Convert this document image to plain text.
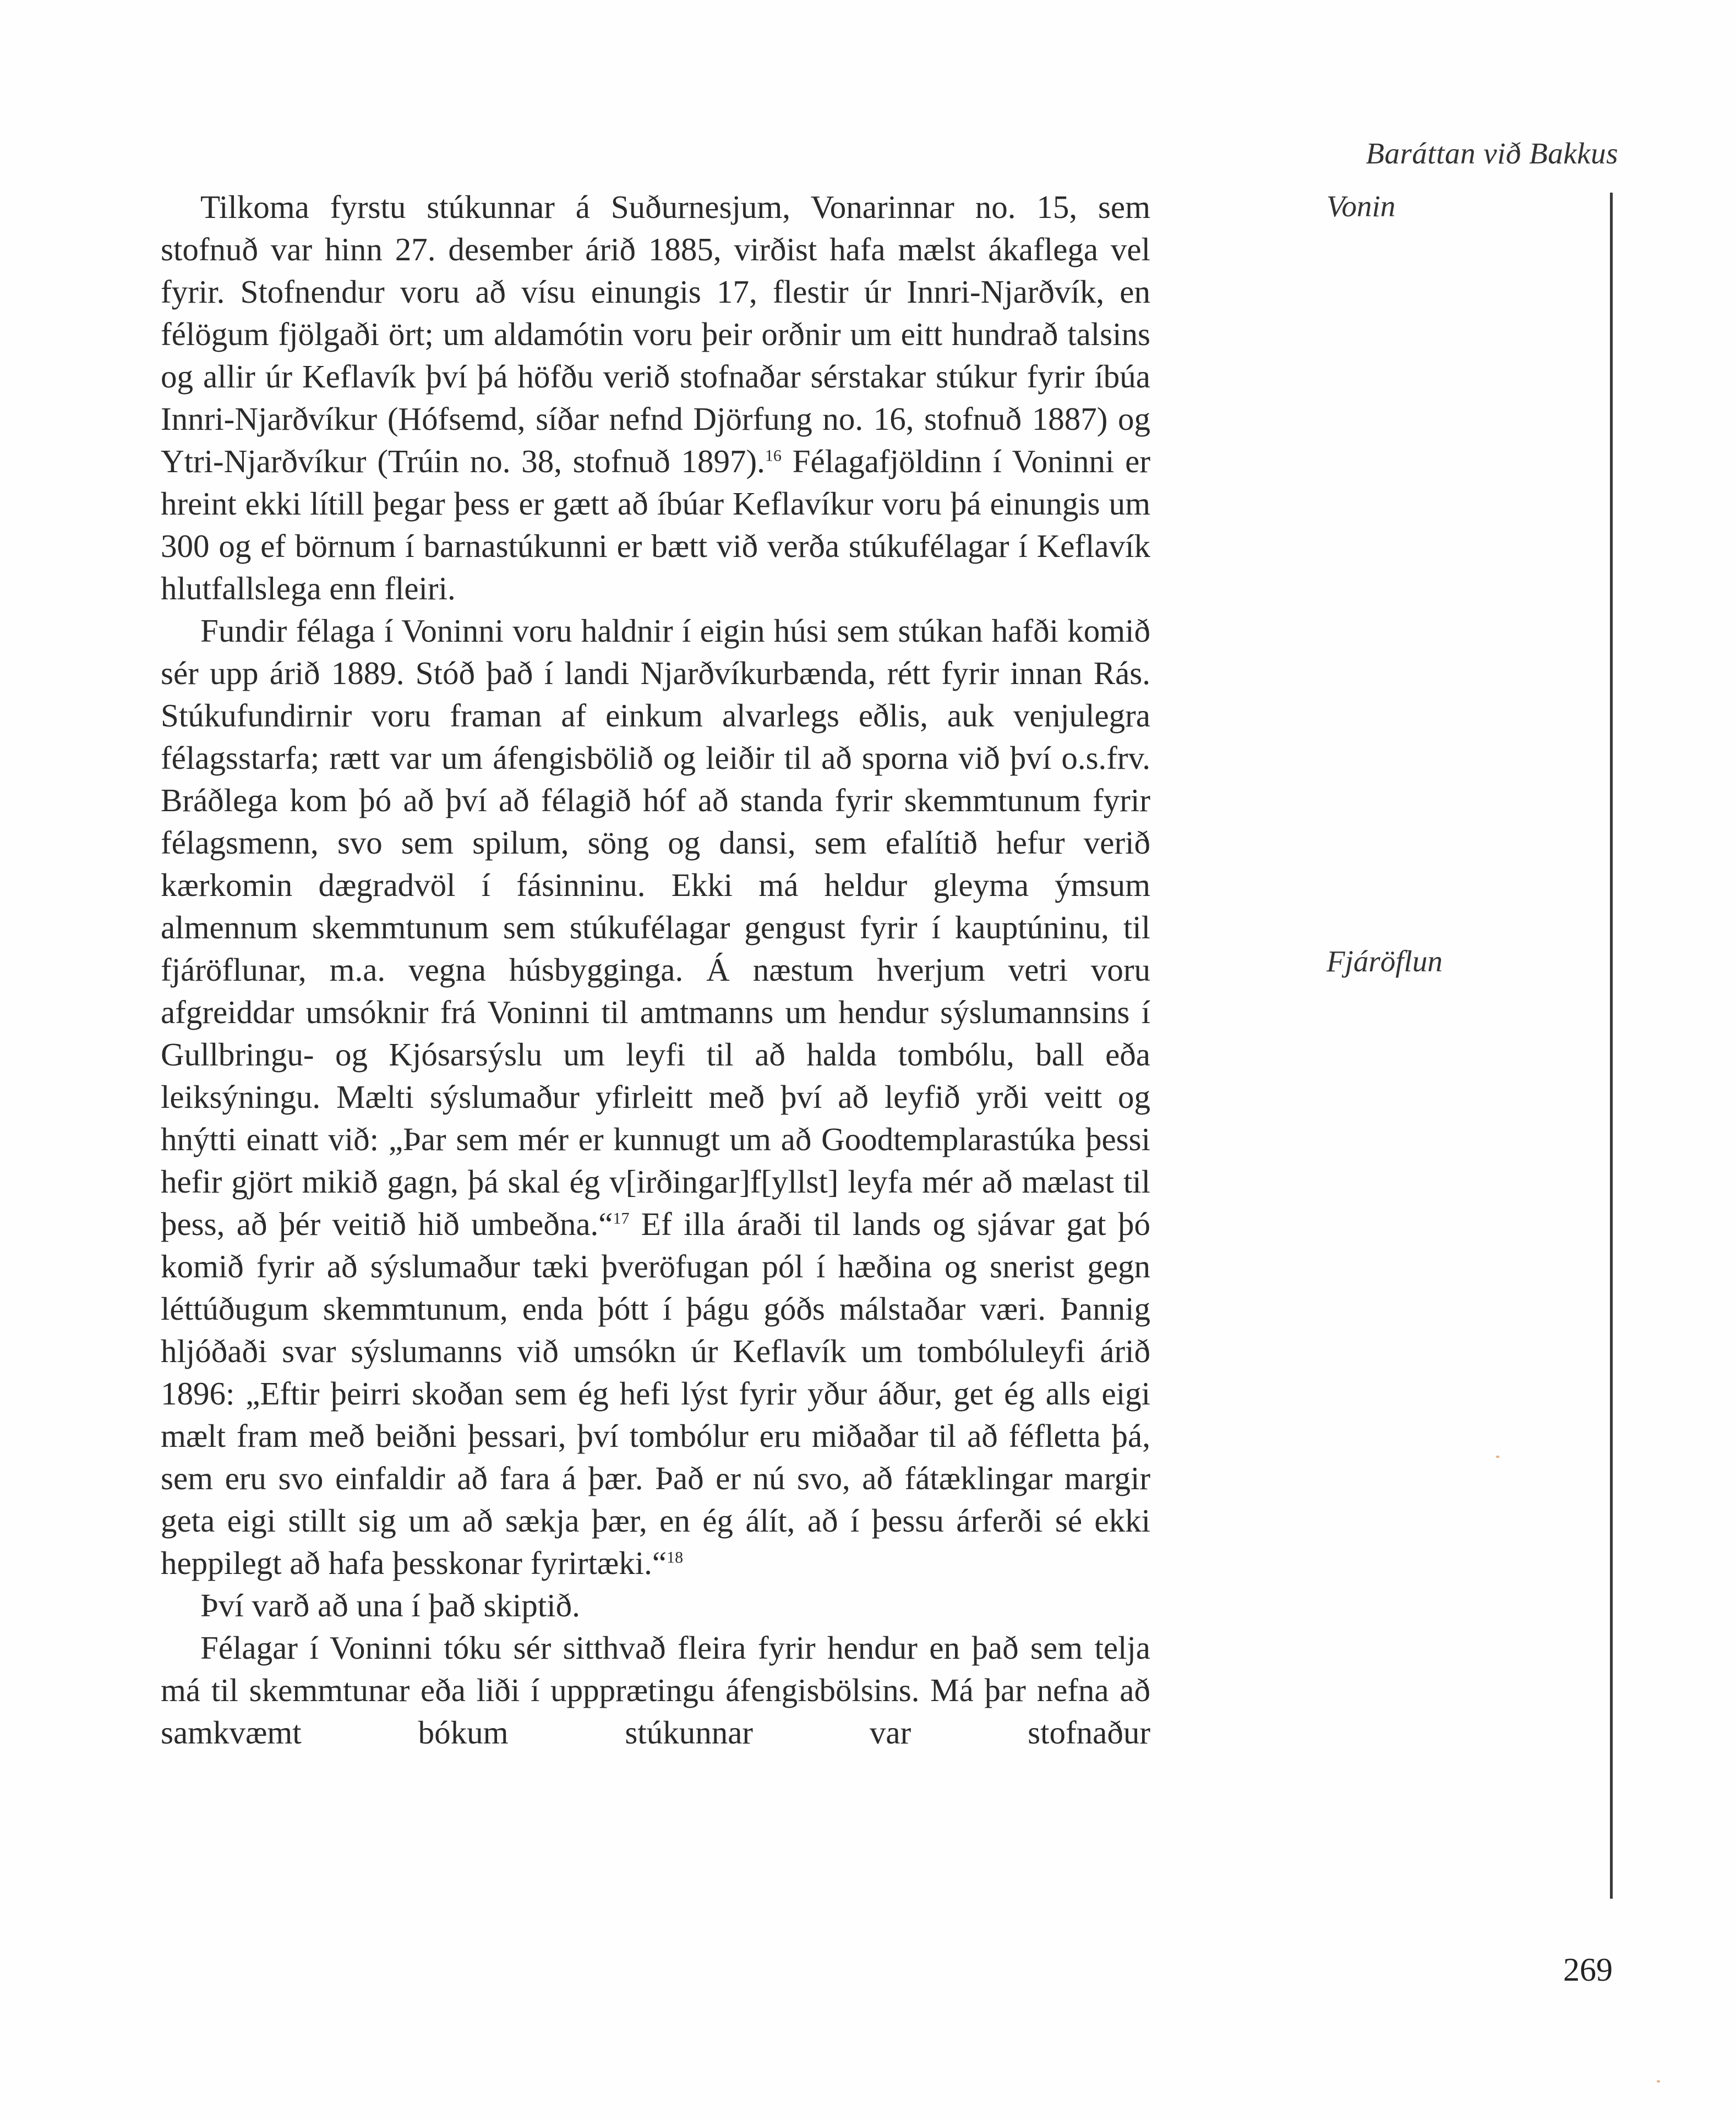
Baráttan við Bakkus
Vonin
Fjáröflun

Tilkoma fyrstu stúkunnar á Suðurnesjum, Vonarinnar no. 15, sem stofnuð var hinn 27. desember árið 1885, virðist hafa mælst ákaflega vel fyrir. Stofnendur voru að vísu einungis 17, flestir úr Innri-Njarðvík, en félögum fjölgaði ört; um aldamótin voru þeir orðnir um eitt hundrað talsins og allir úr Keflavík því þá höfðu verið stofnaðar sérstakar stúkur fyrir íbúa Innri-Njarðvíkur (Hófsemd, síðar nefnd Djörfung no. 16, stofnuð 1887) og Ytri-Njarðvíkur (Trúin no. 38, stofnuð 1897).$^{16}$ Félagafjöldinn í Voninni er hreint ekki lítill þegar þess er gætt að íbúar Keflavíkur voru þá einungis um 300 og ef börnum í barnastúkunni er bætt við verða stúkufélagar í Keflavík hlutfallslega enn fleiri.

Fundir félaga í Voninni voru haldnir í eigin húsi sem stúkan hafði komið sér upp árið 1889. Stóð það í landi Njarðvíkurbænda, rétt fyrir innan Rás. Stúkufundirnir voru framan af einkum alvarlegs eðlis, auk venjulegra félagsstarfa; rætt var um áfengisbölið og leiðir til að sporna við því o.s.frv. Bráðlega kom þó að því að félagið hóf að standa fyrir skemmtunum fyrir félagsmenn, svo sem spilum, söng og dansi, sem efalítið hefur verið kærkomin dægradvöl í fásinninu. Ekki má heldur gleyma ýmsum almennum skemmtunum sem stúkufélagar gengust fyrir í kauptúninu, til fjáröflunar, m.a. vegna húsbygginga. Á næstum hverjum vetri voru afgreiddar umsóknir frá Voninni til amtmanns um hendur sýslumannsins í Gullbringu- og Kjósarsýslu um leyfi til að halda tombólu, ball eða leiksýningu. Mælti sýslumaður yfirleitt með því að leyfið yrði veitt og hnýtti einatt við: „Þar sem mér er kunnugt um að Goodtemplarastúka þessi hefir gjört mikið gagn, þá skal ég v[irðingar]f[yllst] leyfa mér að mælast til þess, að þér veitið hið umbeðna.“$^{17}$ Ef illa áraði til lands og sjávar gat þó komið fyrir að sýslumaður tæki þveröfugan pól í hæðina og snerist gegn léttúðugum skemmtunum, enda þótt í þágu góðs málstaðar væri. Þannig hljóðaði svar sýslumanns við umsókn úr Keflavík um tombóluleyfi árið 1896: „Eftir þeirri skoðan sem ég hefi lýst fyrir yður áður, get ég alls eigi mælt fram með beiðni þessari, því tombólur eru miðaðar til að féfletta þá, sem eru svo einfaldir að fara á þær. Það er nú svo, að fátæklingar margir geta eigi stillt sig um að sækja þær, en ég álít, að í þessu árferði sé ekki heppilegt að hafa þesskonar fyrirtæki.“$^{18}$

Því varð að una í það skiptið.

Félagar í Voninni tóku sér sitthvað fleira fyrir hendur en það sem telja má til skemmtunar eða liði í uppprætingu áfengisbölsins. Má þar nefna að samkvæmt bókum stúkunnar var stofnaður

269
